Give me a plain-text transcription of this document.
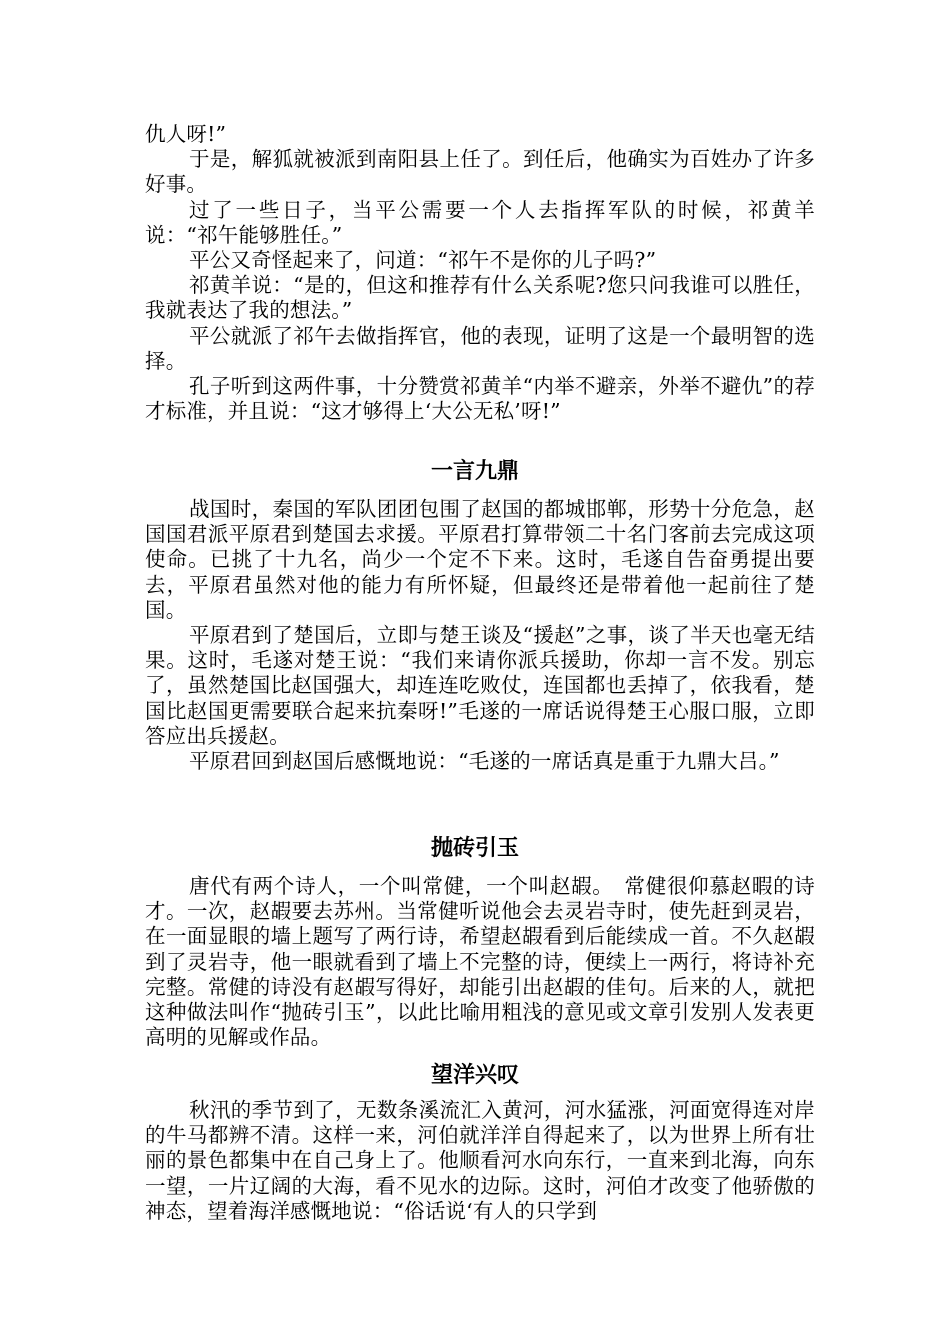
仇人呀!”

于是，解狐就被派到南阳县上任了。到任后，他确实为百姓办了许多好事。

过了一些日子，当平公需要一个人去指挥军队的时候，祁黄羊说：“祁午能够胜任。”

平公又奇怪起来了，问道：“祁午不是你的儿子吗?”

祁黄羊说：“是的，但这和推荐有什么关系呢?您只问我谁可以胜任，我就表达了我的想法。”

平公就派了祁午去做指挥官，他的表现，证明了这是一个最明智的选择。

孔子听到这两件事，十分赞赏祁黄羊“内举不避亲，外举不避仇”的荐才标准，并且说：“这才够得上‘大公无私’呀!”

一言九鼎

战国时，秦国的军队团团包围了赵国的都城邯郸，形势十分危急，赵国国君派平原君到楚国去求援。平原君打算带领二十名门客前去完成这项使命。已挑了十九名，尚少一个定不下来。这时，毛遂自告奋勇提出要去，平原君虽然对他的能力有所怀疑，但最终还是带着他一起前往了楚国。

平原君到了楚国后，立即与楚王谈及“援赵”之事，谈了半天也毫无结果。这时，毛遂对楚王说：“我们来请你派兵援助，你却一言不发。别忘了，虽然楚国比赵国强大，却连连吃败仗，连国都也丢掉了，依我看，楚国比赵国更需要联合起来抗秦呀!”毛遂的一席话说得楚王心服口服，立即答应出兵援赵。

平原君回到赵国后感慨地说：“毛遂的一席话真是重于九鼎大吕。”

抛砖引玉

唐代有两个诗人，一个叫常健，一个叫赵嘏。　常健很仰慕赵暇的诗才。一次，赵嘏要去苏州。当常健听说他会去灵岩寺时，使先赶到灵岩，在一面显眼的墙上题写了两行诗，希望赵嘏看到后能续成一首。不久赵嘏到了灵岩寺，他一眼就看到了墙上不完整的诗，便续上一两行，将诗补充完整。常健的诗没有赵嘏写得好，却能引出赵嘏的佳句。后来的人，就把这种做法叫作“抛砖引玉”，以此比喻用粗浅的意见或文章引发别人发表更高明的见解或作品。

望洋兴叹

秋汛的季节到了，无数条溪流汇入黄河，河水猛涨，河面宽得连对岸的牛马都辨不清。这样一来，河伯就洋洋自得起来了，以为世界上所有壮丽的景色都集中在自己身上了。他顺看河水向东行，一直来到北海，向东一望，一片辽阔的大海，看不见水的边际。这时，河伯才改变了他骄傲的神态，望着海洋感慨地说：“俗话说‘有人的只学到
